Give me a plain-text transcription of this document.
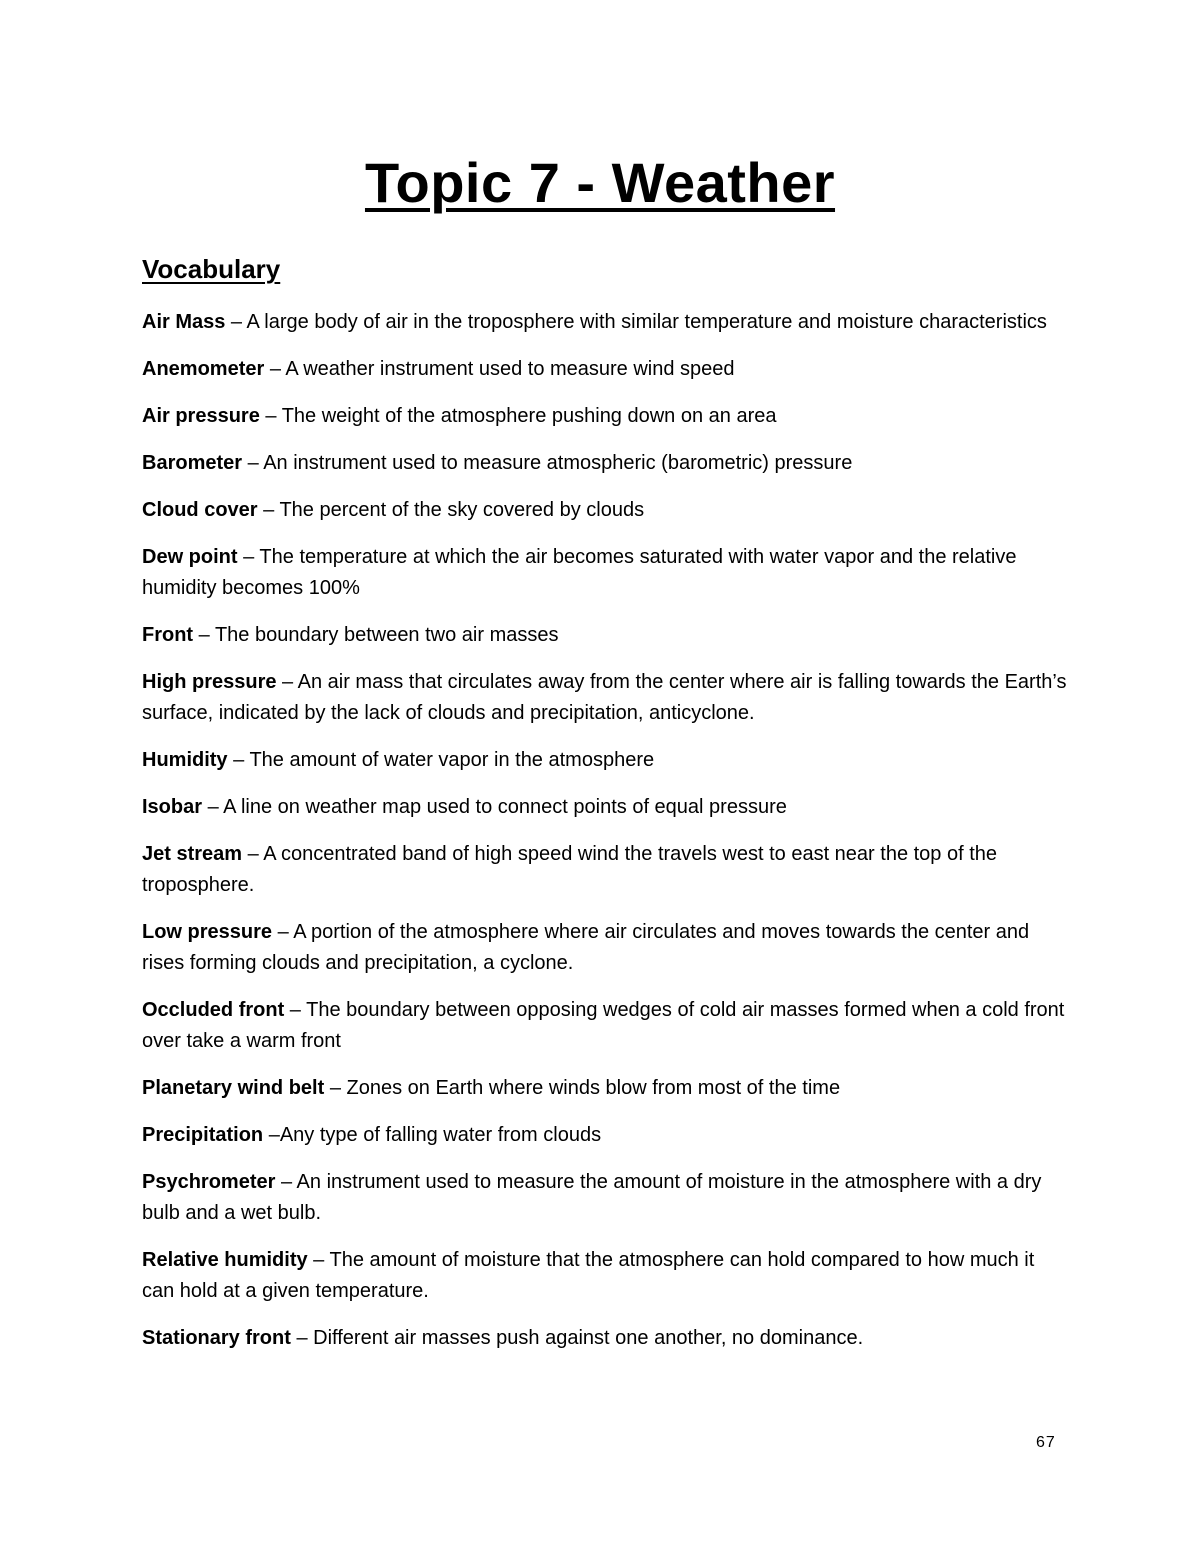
Topic 7 - Weather
Vocabulary
Air Mass – A large body of air in the troposphere with similar temperature and moisture characteristics
Anemometer – A weather instrument used to measure wind speed
Air pressure – The weight of the atmosphere pushing down on an area
Barometer – An instrument used to measure atmospheric (barometric) pressure
Cloud cover – The percent of the sky covered by clouds
Dew point – The temperature at which the air becomes saturated with water vapor and the relative humidity becomes 100%
Front – The boundary between two air masses
High pressure – An air mass that circulates away from the center where air is falling towards the Earth’s surface, indicated by the lack of clouds and precipitation, anticyclone.
Humidity – The amount of water vapor in the atmosphere
Isobar – A line on weather map used to connect points of equal pressure
Jet stream – A concentrated band of high speed wind the travels west to east near the top of the troposphere.
Low pressure – A portion of the atmosphere where air circulates and moves towards the center and rises forming clouds and precipitation, a cyclone.
Occluded front – The boundary between opposing wedges of cold air masses formed when a cold front over take a warm front
Planetary wind belt – Zones on Earth where winds blow from most of the time
Precipitation –Any type of falling water from clouds
Psychrometer – An instrument used to measure the amount of moisture in the atmosphere with a dry bulb and a wet bulb.
Relative humidity – The amount of moisture that the atmosphere can hold compared to how much it can hold at a given temperature.
Stationary front – Different air masses push against one another, no dominance.
67
